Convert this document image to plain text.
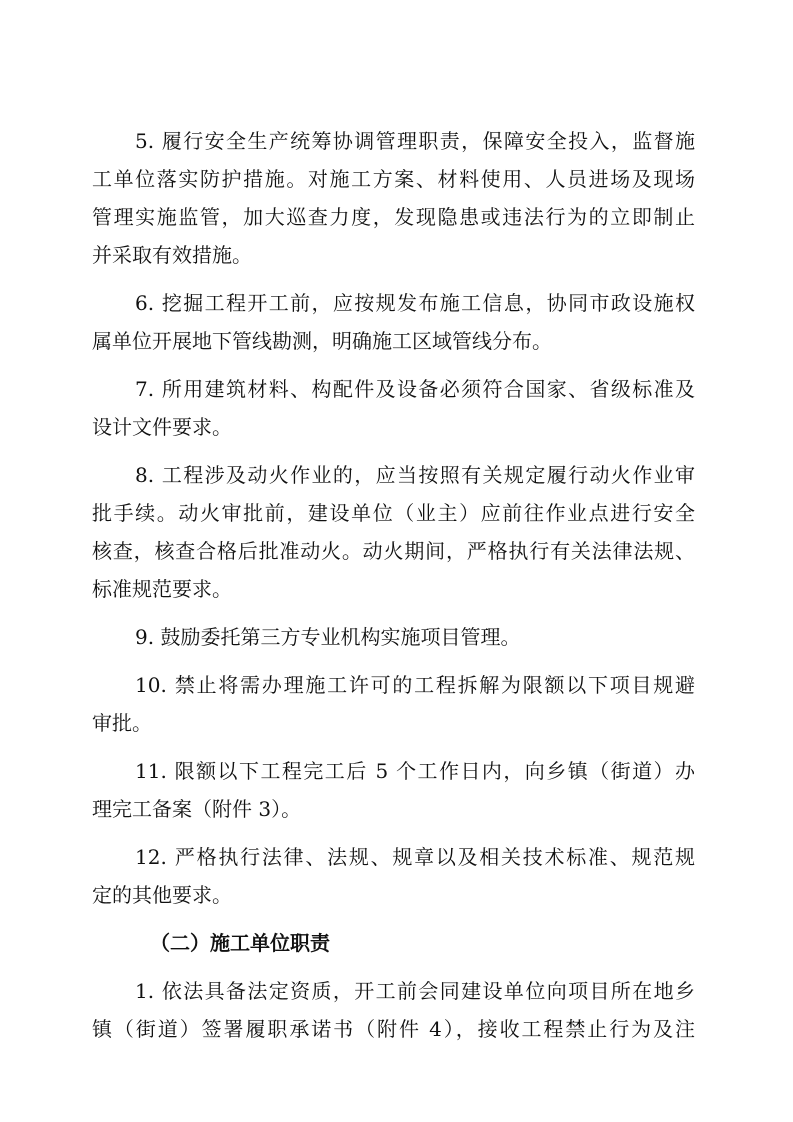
5. 履行安全生产统筹协调管理职责，保障安全投入，监督施
工单位落实防护措施。对施工方案、材料使用、人员进场及现场
管理实施监管，加大巡查力度，发现隐患或违法行为的立即制止
并采取有效措施。
6. 挖掘工程开工前，应按规发布施工信息，协同市政设施权
属单位开展地下管线勘测，明确施工区域管线分布。
7. 所用建筑材料、构配件及设备必须符合国家、省级标准及
设计文件要求。
8. 工程涉及动火作业的，应当按照有关规定履行动火作业审
批手续。动火审批前，建设单位（业主）应前往作业点进行安全
核查，核查合格后批准动火。动火期间，严格执行有关法律法规、
标准规范要求。
9. 鼓励委托第三方专业机构实施项目管理。
10. 禁止将需办理施工许可的工程拆解为限额以下项目规避
审批。
11. 限额以下工程完工后 5 个工作日内，向乡镇（街道）办
理完工备案（附件 3）。
12. 严格执行法律、法规、规章以及相关技术标准、规范规
定的其他要求。
（二）施工单位职责
1. 依法具备法定资质，开工前会同建设单位向项目所在地乡
镇（街道）签署履职承诺书（附件 4），接收工程禁止行为及注
